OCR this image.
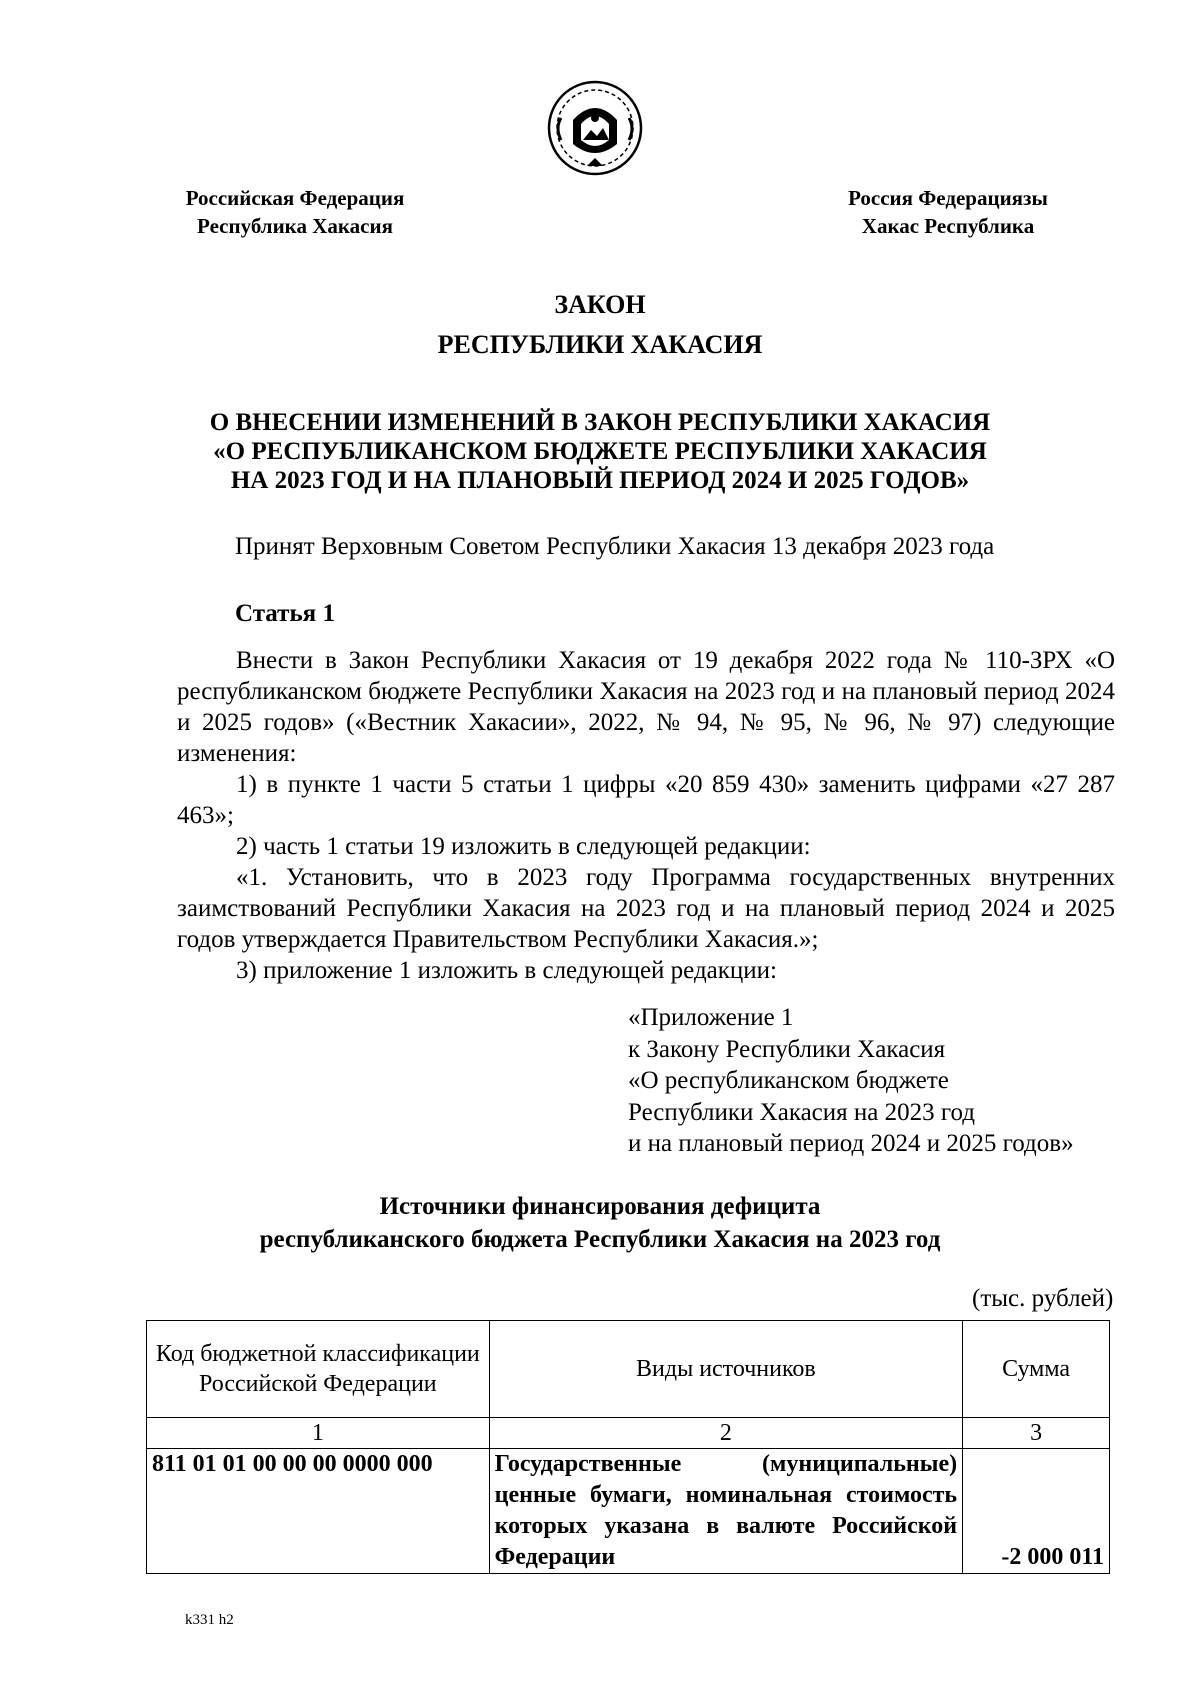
Российская Федерация
Республика Хакасия
Россия Федерациязы
Хакас Республика
ЗАКОН
РЕСПУБЛИКИ ХАКАСИЯ
О ВНЕСЕНИИ ИЗМЕНЕНИЙ В ЗАКОН РЕСПУБЛИКИ ХАКАСИЯ
«О РЕСПУБЛИКАНСКОМ БЮДЖЕТЕ РЕСПУБЛИКИ ХАКАСИЯ
НА 2023 ГОД И НА ПЛАНОВЫЙ ПЕРИОД 2024 И 2025 ГОДОВ»
Принят Верховным Советом Республики Хакасия 13 декабря 2023 года
Статья 1

Внести в Закон Республики Хакасия от 19 декабря 2022 года № 110-ЗРХ «О республиканском бюджете Республики Хакасия на 2023 год и на плановый период 2024 и 2025 годов» («Вестник Хакасии», 2022, № 94, № 95, № 96, № 97) следующие изменения:

1) в пункте 1 части 5 статьи 1 цифры «20 859 430» заменить цифрами «27 287 463»;

2) часть 1 статьи 19 изложить в следующей редакции:

«1. Установить, что в 2023 году Программа государственных внутренних заимствований Республики Хакасия на 2023 год и на плановый период 2024 и 2025 годов утверждается Правительством Республики Хакасия.»;

3) приложение 1 изложить в следующей редакции:

«Приложение 1
к Закону Республики Хакасия
«О республиканском бюджете
Республики Хакасия на 2023 год
и на плановый период 2024 и 2025 годов»
Источники финансирования дефицита
республиканского бюджета Республики Хакасия на 2023 год
(тыс. рублей)
Код бюджетной классификации Российской Федерации	Виды источников	Сумма
1	2	3
811 01 01 00 00 00 0000 000	Государственные (муниципальные) ценные бумаги, номинальная стоимость которых указана в валюте Российской Федерации	-2 000 011
k331 h2
